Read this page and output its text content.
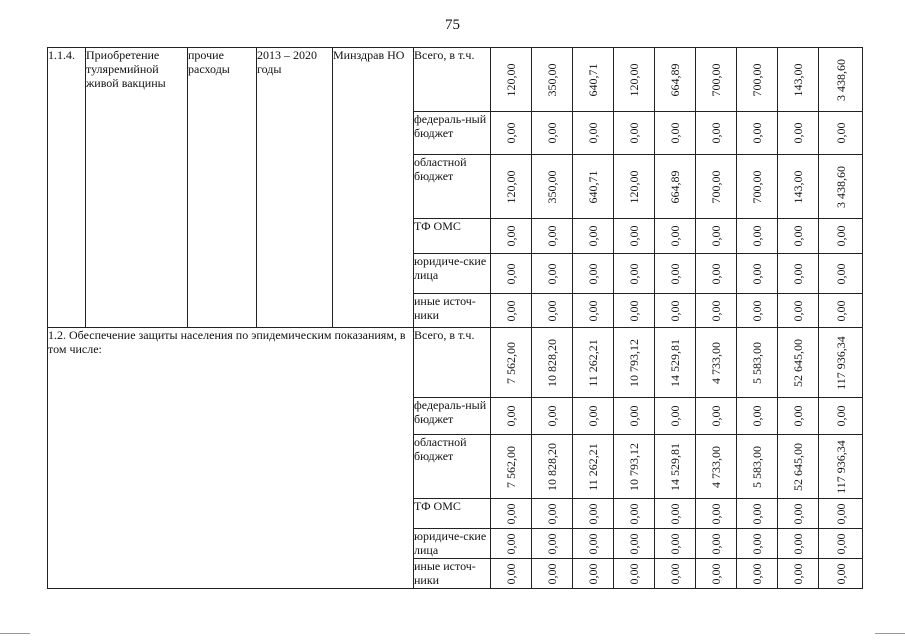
75
1.1.4.	Приобретение туляремийной живой вакцины	прочие расходы	2013 – 2020 годы	Минздрав НО	Всего, в т.ч.	120,00	350,00	640,71	120,00	664,89	700,00	700,00	143,00	3 438,60

					федераль-ный бюджет	0,00	0,00	0,00	0,00	0,00	0,00	0,00	0,00	0,00

					областной бюджет	120,00	350,00	640,71	120,00	664,89	700,00	700,00	143,00	3 438,60

					ТФ ОМС	0,00	0,00	0,00	0,00	0,00	0,00	0,00	0,00	0,00

					юридиче-ские лица	0,00	0,00	0,00	0,00	0,00	0,00	0,00	0,00	0,00

					иные источ-ники	0,00	0,00	0,00	0,00	0,00	0,00	0,00	0,00	0,00

1.2. Обеспечение защиты населения по эпидемическим показаниям, в том числе:					Всего, в т.ч.	7 562,00	10 828,20	11 262,21	10 793,12	14 529,81	4 733,00	5 583,00	52 645,00	117 936,34

					федераль-ный бюджет	0,00	0,00	0,00	0,00	0,00	0,00	0,00	0,00	0,00

					областной бюджет	7 562,00	10 828,20	11 262,21	10 793,12	14 529,81	4 733,00	5 583,00	52 645,00	117 936,34

					ТФ ОМС	0,00	0,00	0,00	0,00	0,00	0,00	0,00	0,00	0,00

					юридиче-ские лица	0,00	0,00	0,00	0,00	0,00	0,00	0,00	0,00	0,00

					иные источ-ники	0,00	0,00	0,00	0,00	0,00	0,00	0,00	0,00	0,00
